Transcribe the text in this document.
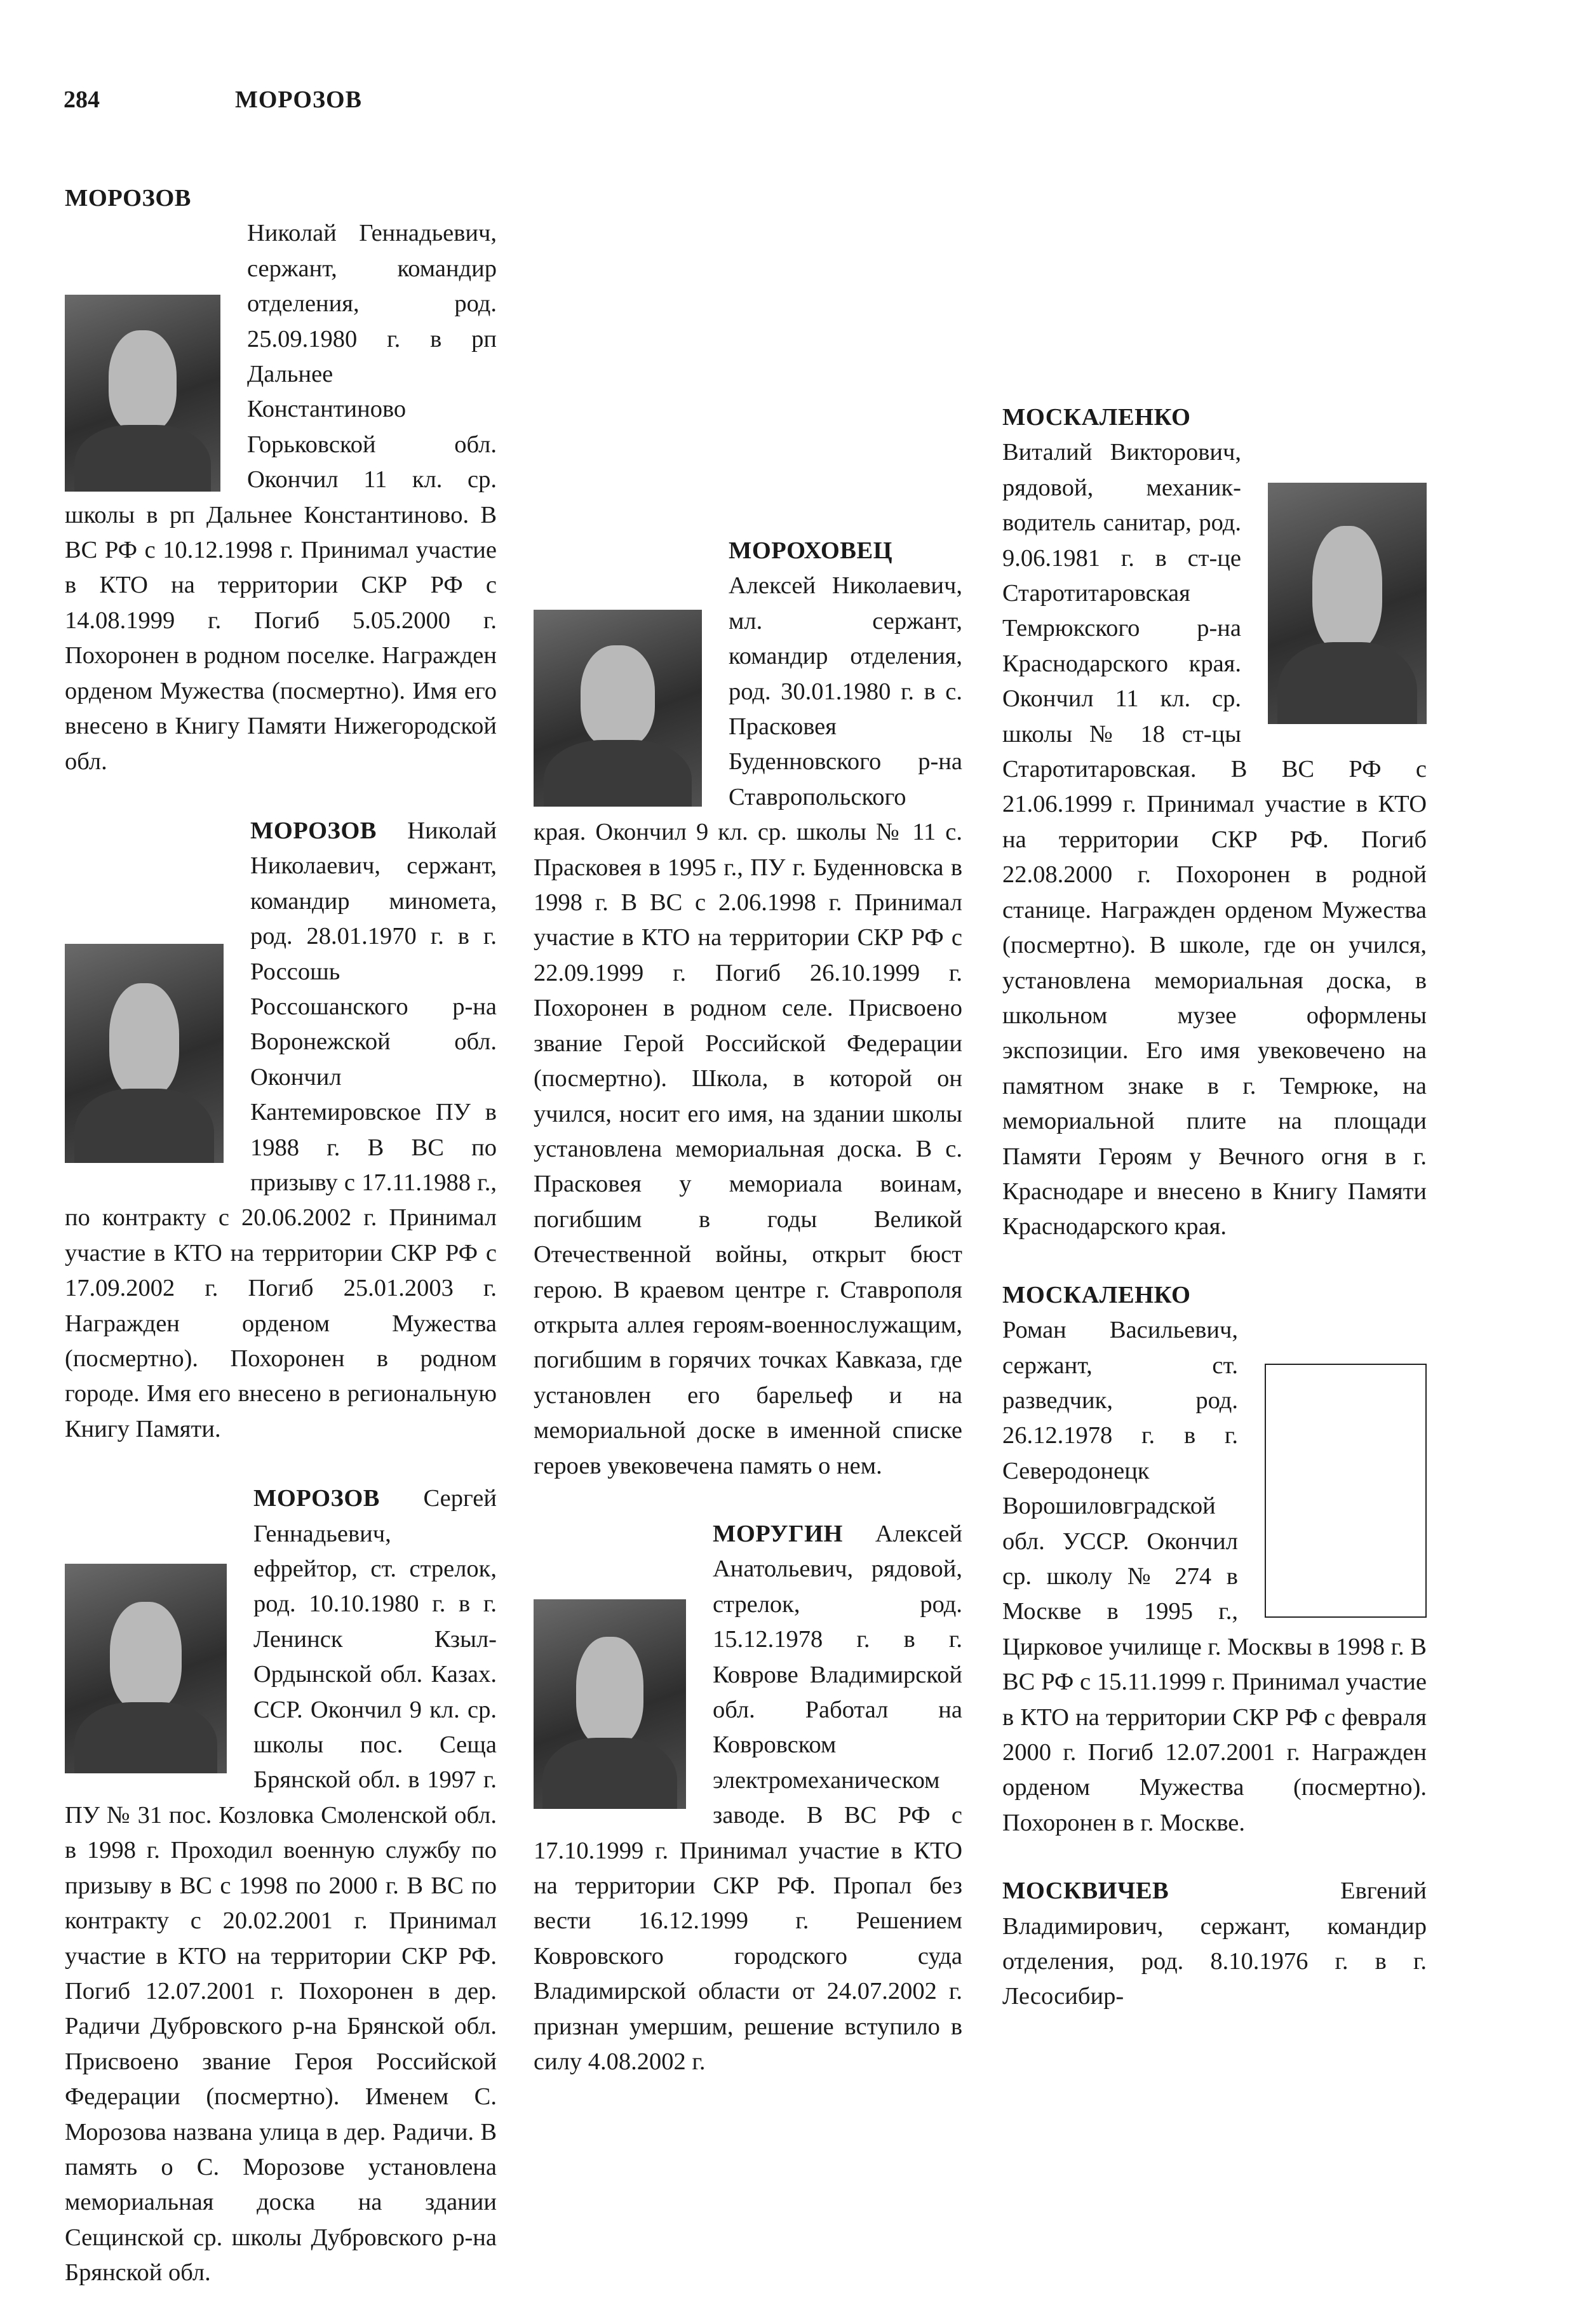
284	МОРОЗОВ

МОРОЗОВ

Николай Геннадьевич, сержант, командир отделения, род. 25.09.1980 г. в рп Дальнее Константиново Горьковской обл. Окончил 11 кл. ср. школы в рп Дальнее Константиново. В ВС РФ с 10.12.1998 г. Принимал участие в КТО на территории СКР РФ с 14.08.1999 г. Погиб 5.05.2000 г. Похоронен в родном поселке. Награжден орденом Мужества (посмертно). Имя его внесено в Книгу Памяти Нижегородской обл.
МОРОЗОВ Николай Николаевич, сержант, командир миномета, род. 28.01.1970 г. в г. Россошь Россошанского р-на Воронежской обл. Окончил Кантемировское ПУ в 1988 г. В ВС по призыву с 17.11.1988 г., по контракту с 20.06.2002 г. Принимал участие в КТО на территории СКР РФ с 17.09.2002 г. Погиб 25.01.2003 г. Награжден орденом Мужества (посмертно). Похоронен в родном городе. Имя его внесено в региональную Книгу Памяти.
МОРОЗОВ Сергей Геннадьевич, ефрейтор, ст. стрелок, род. 10.10.1980 г. в г. Ленинск Кзыл-Ордынской обл. Казах. ССР. Окончил 9 кл. ср. школы пос. Сеща Брянской обл. в 1997 г. ПУ № 31 пос. Козловка Смоленской обл. в 1998 г. Проходил военную службу по призыву в ВС с 1998 по 2000 г. В ВС по контракту с 20.02.2001 г. Принимал участие в КТО на территории СКР РФ. Погиб 12.07.2001 г. Похоронен в дер. Радичи Дубровского р-на Брянской обл. Присвоено звание Героя Российской Федерации (посмертно). Именем С. Морозова названа улица в дер. Радичи. В память о С. Морозове установлена мемориальная доска на здании Сещинской ср. школы Дубровского р-на Брянской обл.
МОРОХОВЕЦ Алексей Николаевич, мл. сержант, командир отделения, род. 30.01.1980 г. в с. Прасковея Буденновского р-на Ставропольского края. Окончил 9 кл. ср. школы № 11 с. Прасковея в 1995 г., ПУ г. Буденновска в 1998 г. В ВС с 2.06.1998 г. Принимал участие в КТО на территории СКР РФ с 22.09.1999 г. Погиб 26.10.1999 г. Похоронен в родном селе. Присвоено звание Герой Российской Федерации (посмертно). Школа, в которой он учился, носит его имя, на здании школы установлена мемориальная доска. В с. Прасковея у мемориала воинам, погибшим в годы Великой Отечественной войны, открыт бюст герою. В краевом центре г. Ставрополя открыта аллея героям-военнослужащим, погибшим в горячих точках Кавказа, где установлен его барельеф и на мемориальной доске в именной списке героев увековечена память о нем.
МОРУГИН Алексей Анатольевич, рядовой, стрелок, род. 15.12.1978 г. в г. Коврове Владимирской обл. Работал на Ковровском электромеханическом заводе. В ВС РФ с 17.10.1999 г. Принимал участие в КТО на территории СКР РФ. Пропал без вести 16.12.1999 г. Решением Ковровского городского суда Владимирской области от 24.07.2002 г. признан умершим, решение вступило в силу 4.08.2002 г.
МОСКАЛЕНКО Виталий Викторович, рядовой, механик-водитель санитар, род. 9.06.1981 г. в ст-це Старотитаровская Темрюкского р-на Краснодарского края. Окончил 11 кл. ср. школы № 18 ст-цы Старотитаровская. В ВС РФ с 21.06.1999 г. Принимал участие в КТО на территории СКР РФ. Погиб 22.08.2000 г. Похоронен в родной станице. Награжден орденом Мужества (посмертно). В школе, где он учился, установлена мемориальная доска, в школьном музее оформлены экспозиции. Его имя увековечено на памятном знаке в г. Темрюке, на мемориальной плите на площади Памяти Героям у Вечного огня в г. Краснодаре и внесено в Книгу Памяти Краснодарского края.
МОСКАЛЕНКО Роман Васильевич, сержант, ст. разведчик, род. 26.12.1978 г. в г. Северодонецк Ворошиловградской обл. УССР. Окончил ср. школу № 274 в Москве в 1995 г., Цирковое училище г. Москвы в 1998 г. В ВС РФ с 15.11.1999 г. Принимал участие в КТО на территории СКР РФ с февраля 2000 г. Погиб 12.07.2001 г. Награжден орденом Мужества (посмертно). Похоронен в г. Москве.
МОСКВИЧЕВ	Евгений Владимирович, сержант, командир отделения, род. 8.10.1976 г. в г. Лесосибир-
